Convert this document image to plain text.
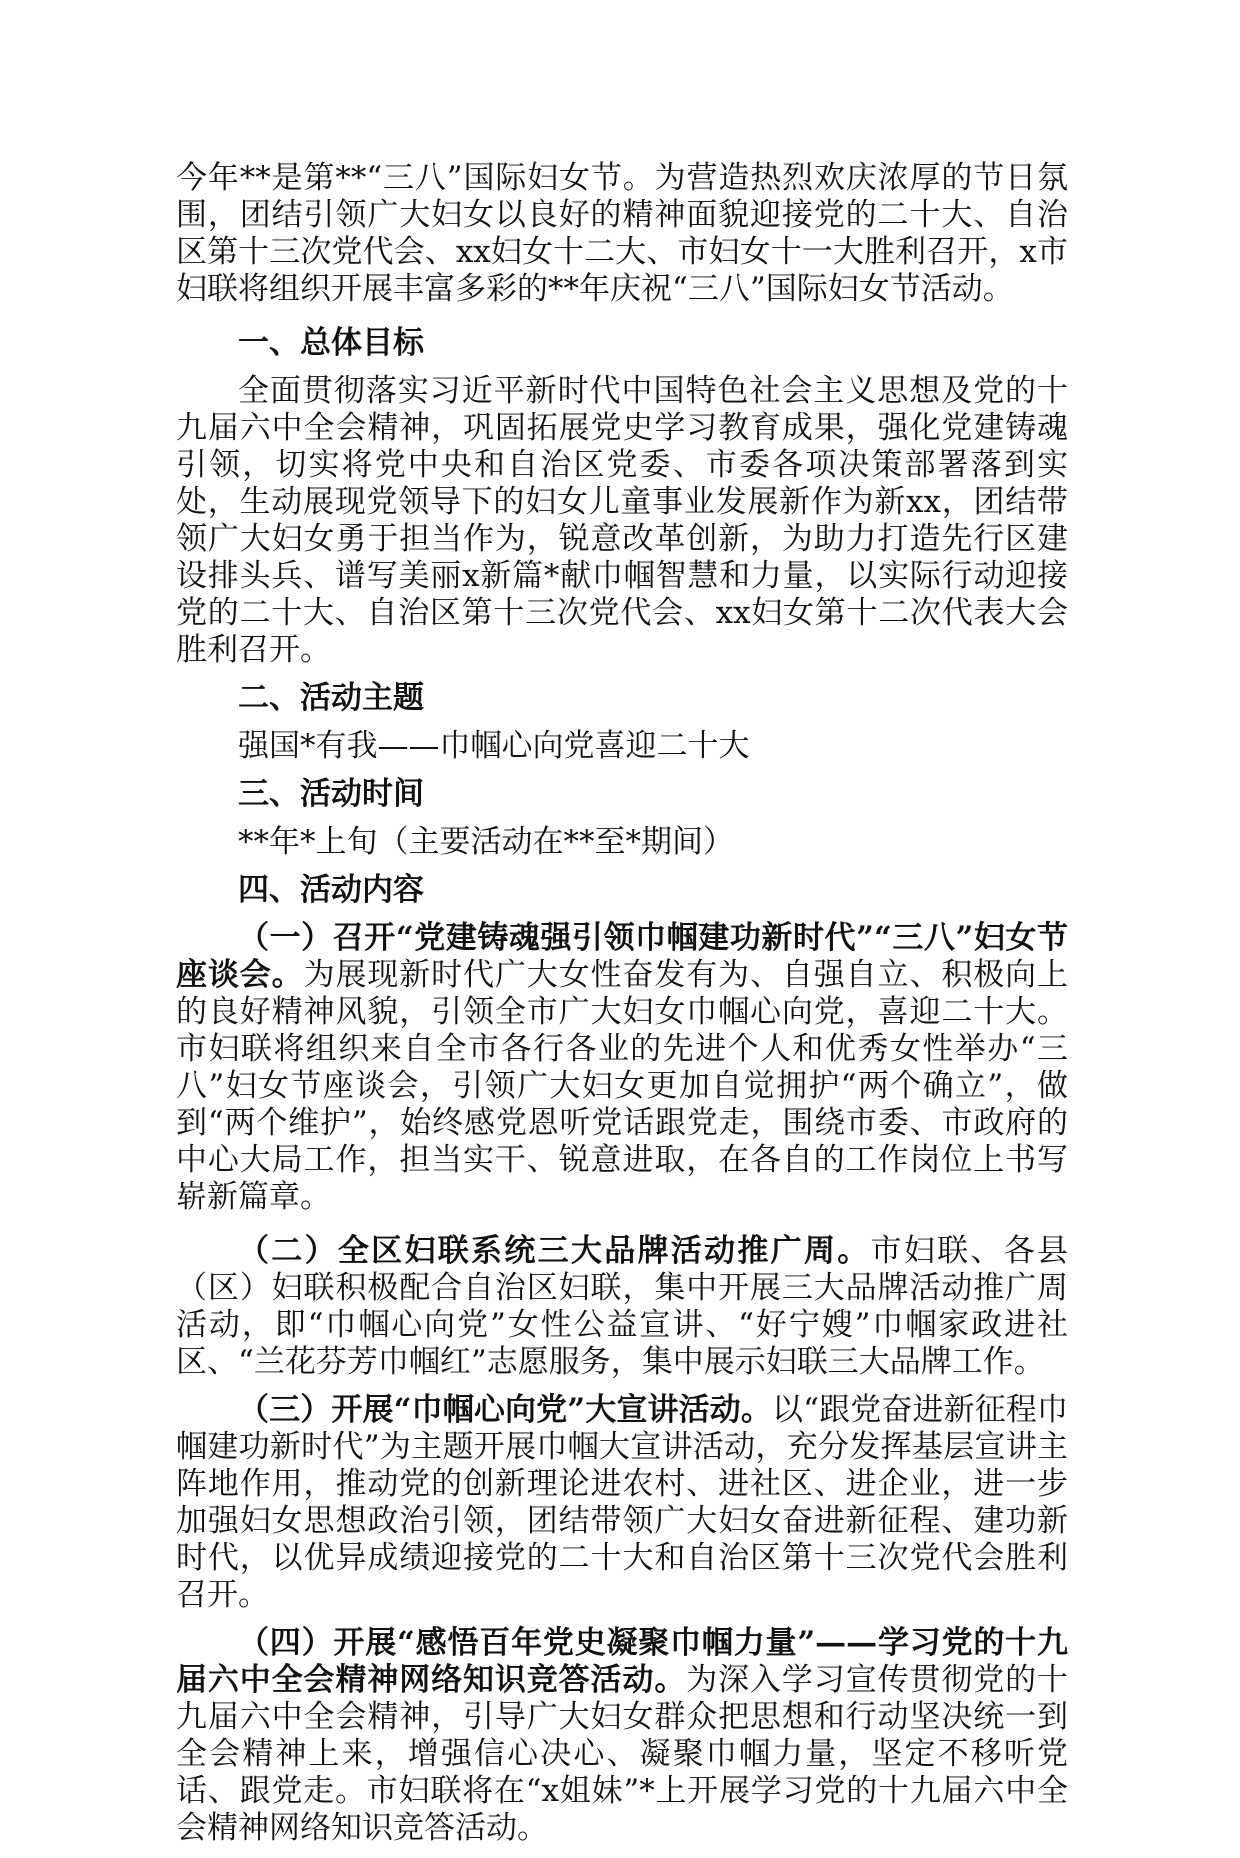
今年**是第**“三八”国际妇女节。为营造热烈欢庆浓厚的节日氛围，团结引领广大妇女以良好的精神面貌迎接党的二十大、自治区第十三次党代会、xx妇女十二大、市妇女十一大胜利召开，x市妇联将组织开展丰富多彩的**年庆祝“三八”国际妇女节活动。

一、总体目标

全面贯彻落实习近平新时代中国特色社会主义思想及党的十九届六中全会精神，巩固拓展党史学习教育成果，强化党建铸魂引领，切实将党中央和自治区党委、市委各项决策部署落到实处，生动展现党领导下的妇女儿童事业发展新作为新xx，团结带领广大妇女勇于担当作为，锐意改革创新，为助力打造先行区建设排头兵、谱写美丽x新篇*献巾帼智慧和力量，以实际行动迎接党的二十大、自治区第十三次党代会、xx妇女第十二次代表大会胜利召开。

二、活动主题

强国*有我——巾帼心向党喜迎二十大

三、活动时间

**年*上旬（主要活动在**至*期间）

四、活动内容

（一）召开“党建铸魂强引领巾帼建功新时代”“三八”妇女节座谈会。为展现新时代广大女性奋发有为、自强自立、积极向上的良好精神风貌，引领全市广大妇女巾帼心向党，喜迎二十大。市妇联将组织来自全市各行各业的先进个人和优秀女性举办“三八”妇女节座谈会，引领广大妇女更加自觉拥护“两个确立”，做到“两个维护”，始终感党恩听党话跟党走，围绕市委、市政府的中心大局工作，担当实干、锐意进取，在各自的工作岗位上书写崭新篇章。

（二）全区妇联系统三大品牌活动推广周。市妇联、各县（区）妇联积极配合自治区妇联，集中开展三大品牌活动推广周活动，即“巾帼心向党”女性公益宣讲、“好宁嫂”巾帼家政进社区、“兰花芬芳巾帼红”志愿服务，集中展示妇联三大品牌工作。

（三）开展“巾帼心向党”大宣讲活动。以“跟党奋进新征程巾帼建功新时代”为主题开展巾帼大宣讲活动，充分发挥基层宣讲主阵地作用，推动党的创新理论进农村、进社区、进企业，进一步加强妇女思想政治引领，团结带领广大妇女奋进新征程、建功新时代，以优异成绩迎接党的二十大和自治区第十三次党代会胜利召开。

（四）开展“感悟百年党史凝聚巾帼力量”——学习党的十九届六中全会精神网络知识竞答活动。为深入学习宣传贯彻党的十九届六中全会精神，引导广大妇女群众把思想和行动坚决统一到全会精神上来，增强信心决心、凝聚巾帼力量，坚定不移听党话、跟党走。市妇联将在“x姐妹”*上开展学习党的十九届六中全会精神网络知识竞答活动。
